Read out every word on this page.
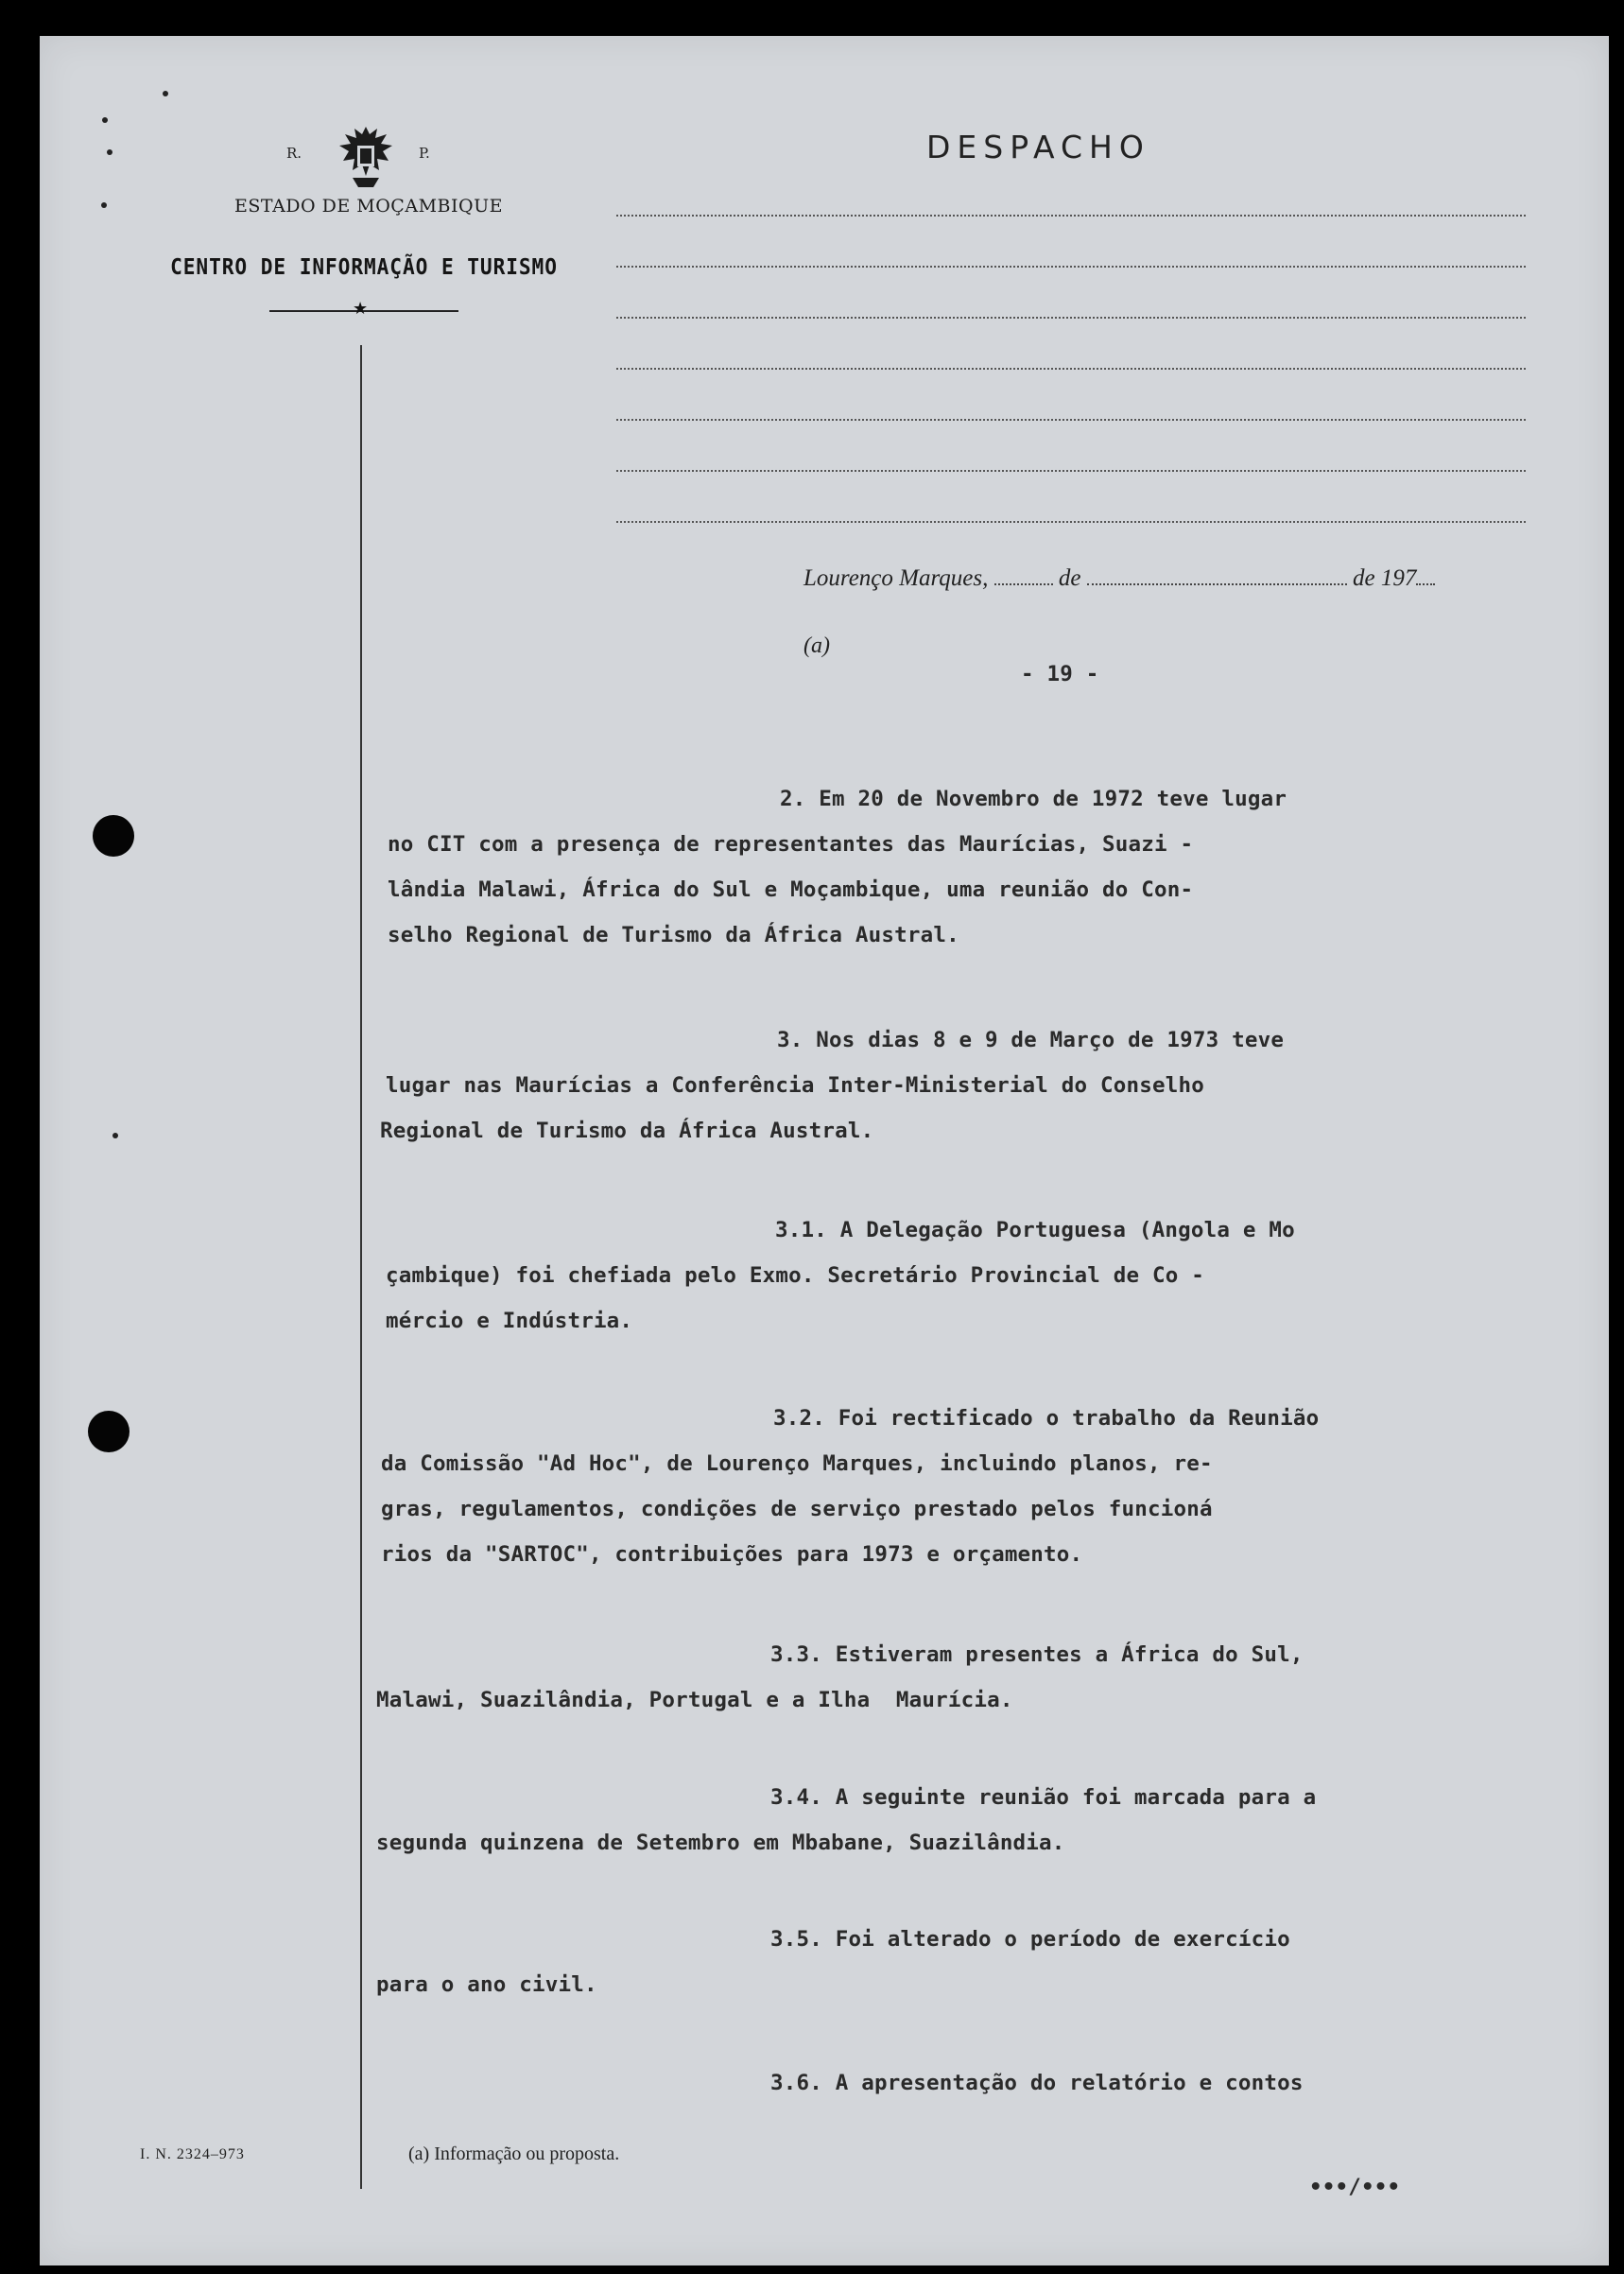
R.	P.
ESTADO DE MOÇAMBIQUE
CENTRO DE INFORMAÇÃO E TURISMO
★
DESPACHO
Lourenço Marques,	de	de 197
(a)
- 19 -
2. Em 20 de Novembro de 1972 teve lugar
no CIT com a presença de representantes das Maurícias, Suazi -
lândia Malawi, África do Sul e Moçambique, uma reunião do Con-
selho Regional de Turismo da África Austral.
3. Nos dias 8 e 9 de Março de 1973 teve
lugar nas Maurícias a Conferência Inter-Ministerial do Conselho
Regional de Turismo da África Austral.
3.1. A Delegação Portuguesa (Angola e Mo
çambique) foi chefiada pelo Exmo. Secretário Provincial de Co -
mércio e Indústria.
3.2. Foi rectificado o trabalho da Reunião
da Comissão "Ad Hoc", de Lourenço Marques, incluindo planos, re-
gras, regulamentos, condições de serviço prestado pelos funcioná
rios da "SARTOC", contribuições para 1973 e orçamento.
3.3. Estiveram presentes a África do Sul,
Malawi, Suazilândia, Portugal e a Ilha  Maurícia.
3.4. A seguinte reunião foi marcada para a
segunda quinzena de Setembro em Mbabane, Suazilândia.
3.5. Foi alterado o período de exercício
para o ano civil.
3.6. A apresentação do relatório e contos
I. N. 2324–973	(a) Informação ou proposta.
•••/•••
